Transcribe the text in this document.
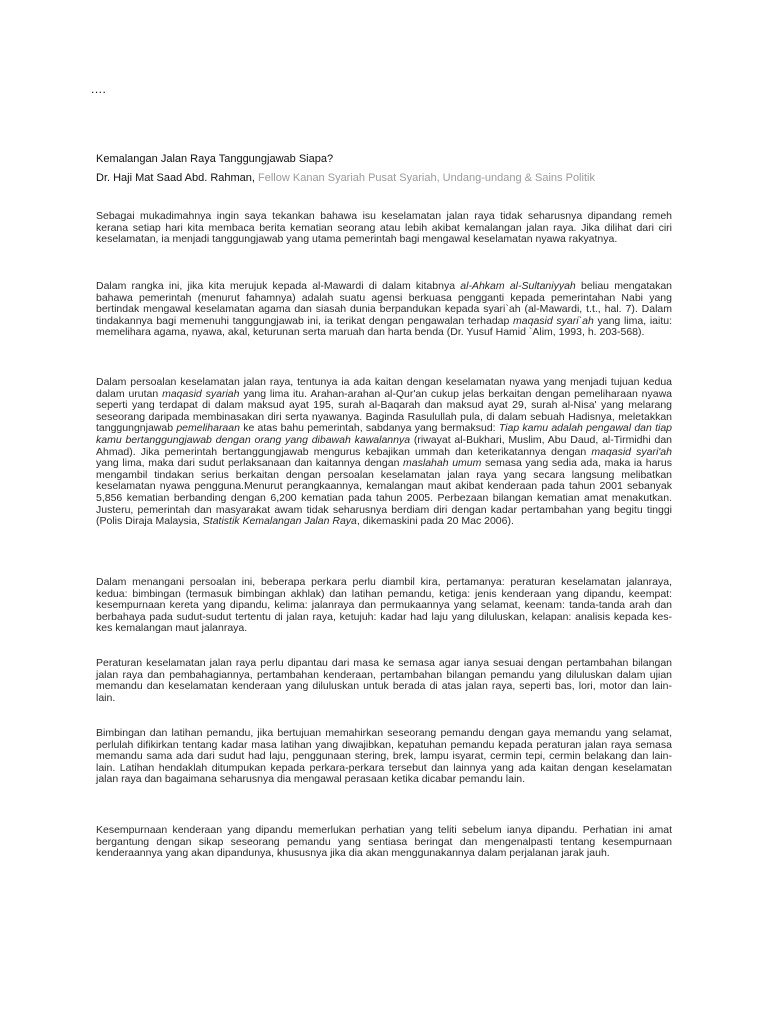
....
Kemalangan Jalan Raya Tanggungjawab Siapa?
Dr. Haji Mat Saad Abd. Rahman, Fellow Kanan Syariah Pusat Syariah, Undang-undang & Sains Politik

Sebagai mukadimahnya ingin saya tekankan bahawa isu keselamatan jalan raya tidak seharusnya dipandang remeh kerana setiap hari kita membaca berita kematian seorang atau lebih akibat kemalangan jalan raya. Jika dilihat dari ciri keselamatan, ia menjadi tanggungjawab yang utama pemerintah bagi mengawal keselamatan nyawa rakyatnya.

Dalam rangka ini, jika kita merujuk kepada al-Mawardi di dalam kitabnya al-Ahkam al-Sultaniyyah beliau mengatakan bahawa pemerintah (menurut fahamnya) adalah suatu agensi berkuasa pengganti kepada pemerintahan Nabi yang bertindak mengawal keselamatan agama dan siasah dunia berpandukan kepada syari`ah (al-Mawardi, t.t., hal. 7). Dalam tindakannya bagi memenuhi tanggungjawab ini, ia terikat dengan pengawalan terhadap maqasid syari`ah yang lima, iaitu: memelihara agama, nyawa, akal, keturunan serta maruah dan harta benda (Dr. Yusuf Hamid `Alim, 1993, h. 203-568).

Dalam persoalan keselamatan jalan raya, tentunya ia ada kaitan dengan keselamatan nyawa yang menjadi tujuan kedua dalam urutan maqasid syariah yang lima itu. Arahan-arahan al-Qur'an cukup jelas berkaitan dengan pemeliharaan nyawa seperti yang terdapat di dalam maksud ayat 195, surah al-Baqarah dan maksud ayat 29, surah al-Nisa' yang melarang seseorang daripada membinasakan diri serta nyawanya. Baginda Rasulullah pula, di dalam sebuah Hadisnya, meletakkan tanggungnjawab pemeliharaan ke atas bahu pemerintah, sabdanya yang bermaksud: Tiap kamu adalah pengawal dan tiap kamu bertanggungjawab dengan orang yang dibawah kawalannya (riwayat al-Bukhari, Muslim, Abu Daud, al-Tirmidhi dan Ahmad). Jika pemerintah bertanggungjawab mengurus kebajikan ummah dan keterikatannya dengan maqasid syari'ah yang lima, maka dari sudut perlaksanaan dan kaitannya dengan maslahah umum semasa yang sedia ada, maka ia harus mengambil tindakan serius berkaitan dengan persoalan keselamatan jalan raya yang secara langsung melibatkan keselamatan nyawa pengguna.Menurut perangkaannya, kemalangan maut akibat kenderaan pada tahun 2001 sebanyak 5,856 kematian berbanding dengan 6,200 kematian pada tahun 2005. Perbezaan bilangan kematian amat menakutkan. Justeru, pemerintah dan masyarakat awam tidak seharusnya berdiam diri dengan kadar pertambahan yang begitu tinggi (Polis Diraja Malaysia, Statistik Kemalangan Jalan Raya, dikemaskini pada 20 Mac 2006).

Dalam menangani persoalan ini, beberapa perkara perlu diambil kira, pertamanya: peraturan keselamatan jalanraya, kedua: bimbingan (termasuk bimbingan akhlak) dan latihan pemandu, ketiga: jenis kenderaan yang dipandu, keempat: kesempurnaan kereta yang dipandu, kelima: jalanraya dan permukaannya yang selamat, keenam: tanda-tanda arah dan berbahaya pada sudut-sudut tertentu di jalan raya, ketujuh: kadar had laju yang diluluskan, kelapan: analisis kepada kes-kes kemalangan maut jalanraya.

Peraturan keselamatan jalan raya perlu dipantau dari masa ke semasa agar ianya sesuai dengan pertambahan bilangan jalan raya dan pembahagiannya, pertambahan kenderaan, pertambahan bilangan pemandu yang diluluskan dalam ujian memandu dan keselamatan kenderaan yang diluluskan untuk berada di atas jalan raya, seperti bas, lori, motor dan lain-lain.

Bimbingan dan latihan pemandu, jika bertujuan memahirkan seseorang pemandu dengan gaya memandu yang selamat, perlulah difikirkan tentang kadar masa latihan yang diwajibkan, kepatuhan pemandu kepada peraturan jalan raya semasa memandu sama ada dari sudut had laju, penggunaan stering, brek, lampu isyarat, cermin tepi, cermin belakang dan lain-lain. Latihan hendaklah ditumpukan kepada perkara-perkara tersebut dan lainnya yang ada kaitan dengan keselamatan jalan raya dan bagaimana seharusnya dia mengawal perasaan ketika dicabar pemandu lain.

Kesempurnaan kenderaan yang dipandu memerlukan perhatian yang teliti sebelum ianya dipandu. Perhatian ini amat bergantung dengan sikap seseorang pemandu yang sentiasa beringat dan mengenalpasti tentang kesempurnaan kenderaannya yang akan dipandunya, khususnya jika dia akan menggunakannya dalam perjalanan jarak jauh.
